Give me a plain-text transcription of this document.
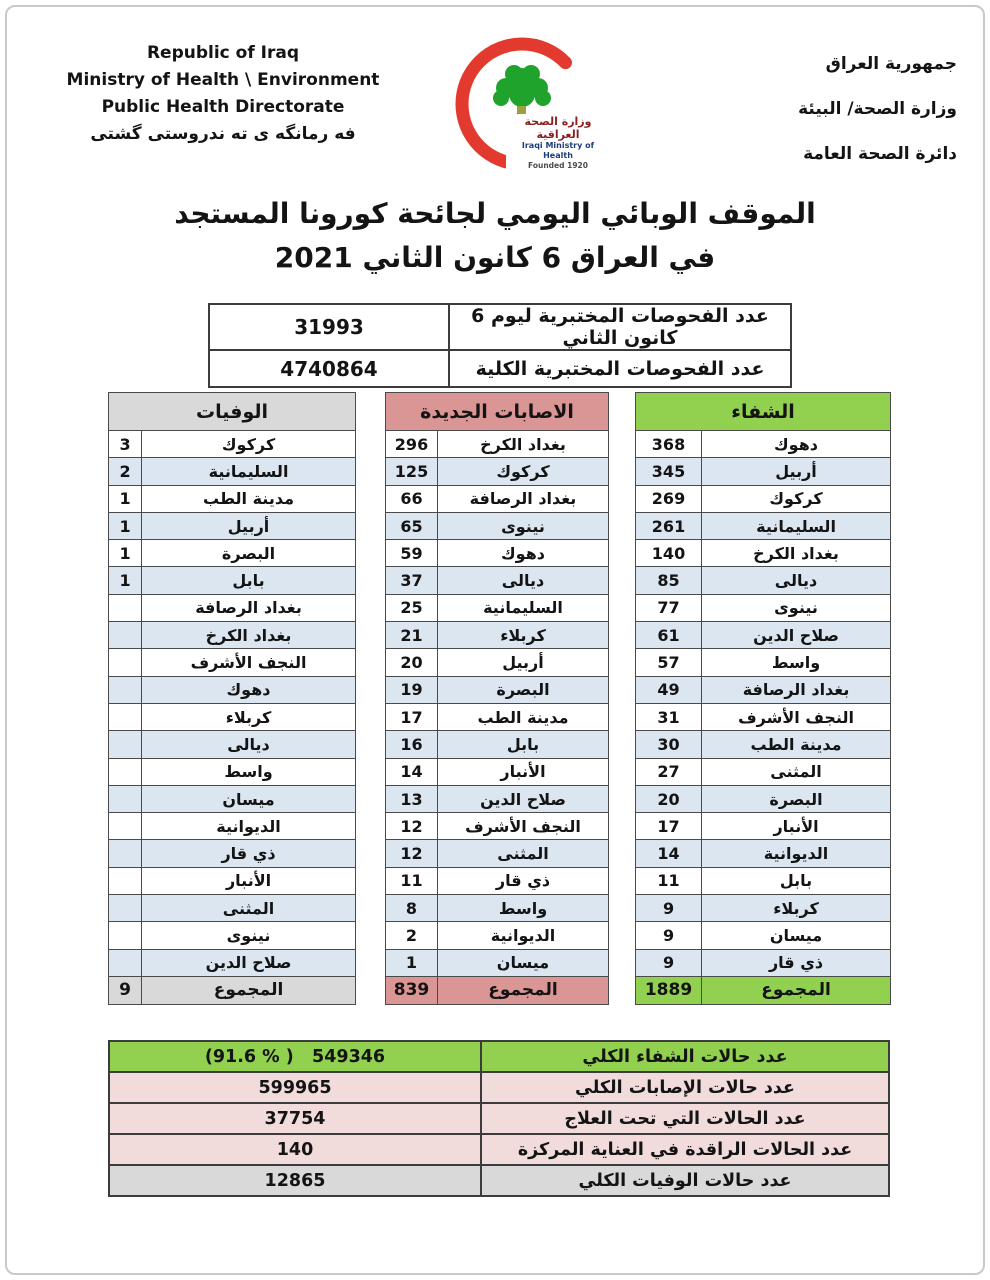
Republic of Iraq
Ministry of Health \ Environment
Public Health Directorate
فه رمانگه ی ته ندروستی گشتی
جمهورية العراق
وزارة الصحة/ البيئة
دائرة الصحة العامة
وزارة الصحة العراقية
Iraqi Ministry of Health
Founded 1920
الموقف الوبائي اليومي لجائحة كورونا المستجد
في العراق 6 كانون الثاني 2021
عدد الفحوصات المختبرية ليوم 6 كانون الثاني	31993
عدد الفحوصات المختبرية الكلية	4740864
الوفيات	
كركوك	3
السليمانية	2
مدينة الطب	1
أربيل	1
البصرة	1
بابل	1
بغداد الرصافة	
بغداد الكرخ	
النجف الأشرف	
دهوك	
كربلاء	
ديالى	
واسط	
ميسان	
الديوانية	
ذي قار	
الأنبار	
المثنى	
نينوى	
صلاح الدين	
المجموع	9
الاصابات الجديدة	
بغداد الكرخ	296
كركوك	125
بغداد الرصافة	66
نينوى	65
دهوك	59
ديالى	37
السليمانية	25
كربلاء	21
أربيل	20
البصرة	19
مدينة الطب	17
بابل	16
الأنبار	14
صلاح الدين	13
النجف الأشرف	12
المثنى	12
ذي قار	11
واسط	8
الديوانية	2
ميسان	1
المجموع	839
الشفاء	
دهوك	368
أربيل	345
كركوك	269
السليمانية	261
بغداد الكرخ	140
ديالى	85
نينوى	77
صلاح الدين	61
واسط	57
بغداد الرصافة	49
النجف الأشرف	31
مدينة الطب	30
المثنى	27
البصرة	20
الأنبار	17
الديوانية	14
بابل	11
كربلاء	9
ميسان	9
ذي قار	9
المجموع	1889
عدد حالات الشفاء الكلي	(91.6 % )   549346
عدد حالات الإصابات الكلي	599965
عدد الحالات التي تحت العلاج	37754
عدد الحالات الراقدة في العناية المركزة	140
عدد حالات الوفيات الكلي	12865
